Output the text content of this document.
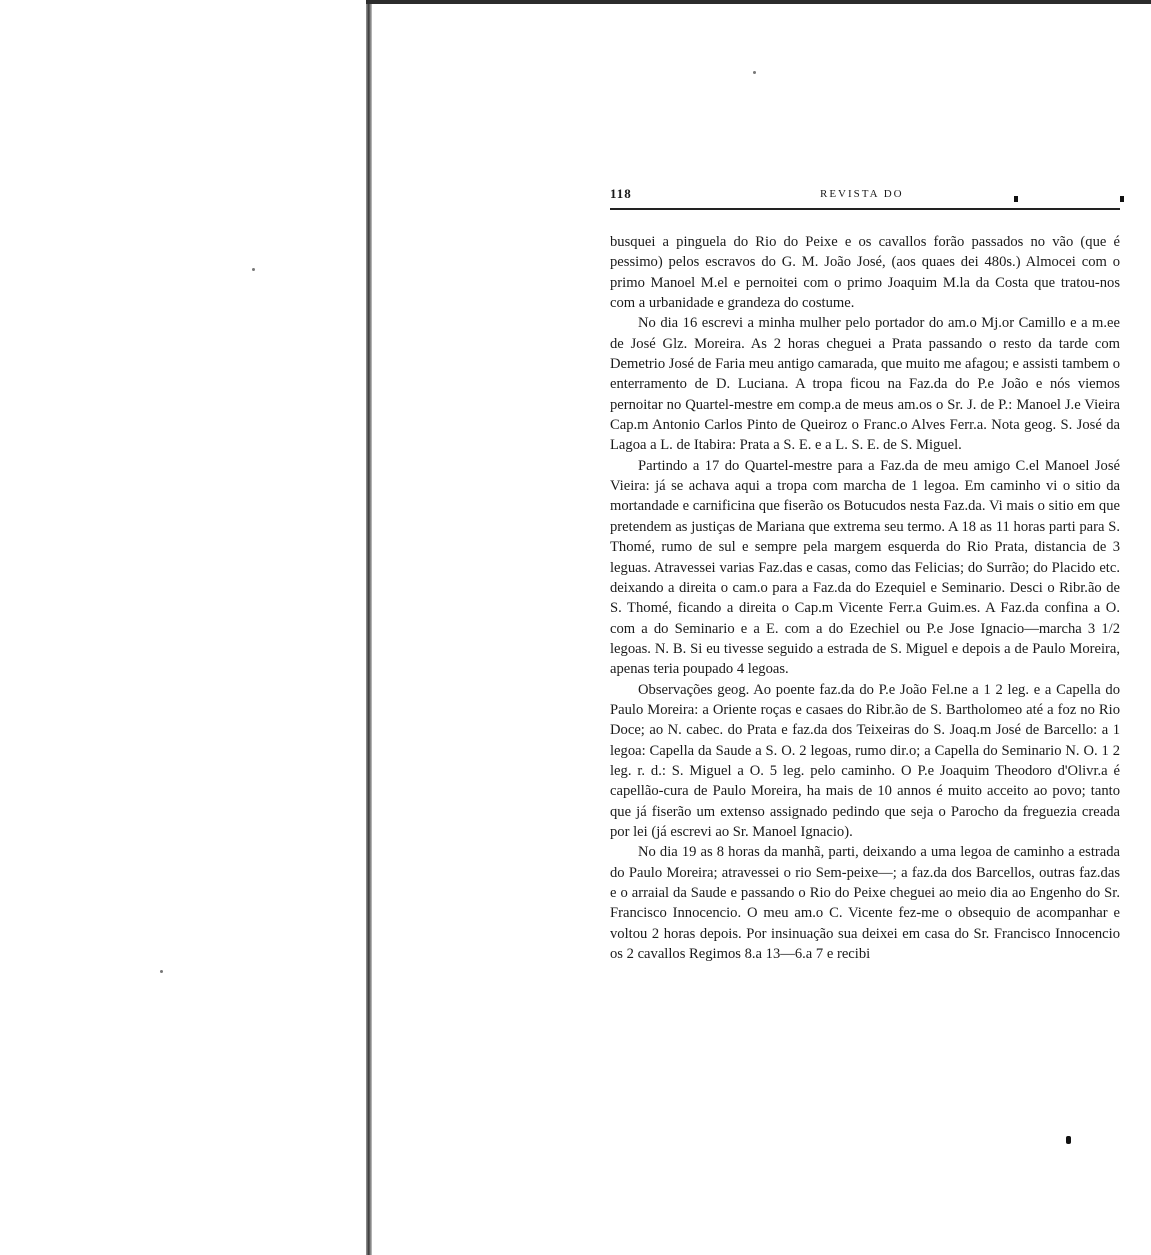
118	REVISTA DO

busquei a pinguela do Rio do Peixe e os cavallos forão passados no vão (que é pessimo) pelos escravos do G. M. João José, (aos quaes dei 480s.) Almocei com o primo Manoel M.el e pernoitei com o primo Joaquim M.la da Costa que tratou-nos com a urbanidade e grandeza do costume.

No dia 16 escrevi a minha mulher pelo portador do am.o Mj.or Camillo e a m.ee de José Glz. Moreira. As 2 horas cheguei a Prata passando o resto da tarde com Demetrio José de Faria meu antigo camarada, que muito me afagou; e assisti tambem o enterramento de D. Luciana. A tropa ficou na Faz.da do P.e João e nós viemos pernoitar no Quartel-mestre em comp.a de meus am.os o Sr. J. de P.: Manoel J.e Vieira Cap.m Antonio Carlos Pinto de Queiroz o Franc.o Alves Ferr.a. Nota geog. S. José da Lagoa a L. de Itabira: Prata a S. E. e a L. S. E. de S. Miguel.

Partindo a 17 do Quartel-mestre para a Faz.da de meu amigo C.el Manoel José Vieira: já se achava aqui a tropa com marcha de 1 legoa. Em caminho vi o sitio da mortandade e carnificina que fiserão os Botucudos nesta Faz.da. Vi mais o sitio em que pretendem as justiças de Mariana que extrema seu termo. A 18 as 11 horas parti para S. Thomé, rumo de sul e sempre pela margem esquerda do Rio Prata, distancia de 3 leguas. Atravessei varias Faz.das e casas, como das Felicias; do Surrão; do Placido etc. deixando a direita o cam.o para a Faz.da do Ezequiel e Seminario. Desci o Ribr.ão de S. Thomé, ficando a direita o Cap.m Vicente Ferr.a Guim.es. A Faz.da confina a O. com a do Seminario e a E. com a do Ezechiel ou P.e Jose Ignacio—marcha 3 1/2 legoas. N. B. Si eu tivesse seguido a estrada de S. Miguel e depois a de Paulo Moreira, apenas teria poupado 4 legoas.

Observações geog. Ao poente faz.da do P.e João Fel.ne a 1 2 leg. e a Capella do Paulo Moreira: a Oriente roças e casaes do Ribr.ão de S. Bartholomeo até a foz no Rio Doce; ao N. cabec. do Prata e faz.da dos Teixeiras do S. Joaq.m José de Barcello: a 1 legoa: Capella da Saude a S. O. 2 legoas, rumo dir.o; a Capella do Seminario N. O. 1 2 leg. r. d.: S. Miguel a O. 5 leg. pelo caminho. O P.e Joaquim Theodoro d'Olivr.a é capellão-cura de Paulo Moreira, ha mais de 10 annos é muito acceito ao povo; tanto que já fiserão um extenso assignado pedindo que seja o Parocho da freguezia creada por lei (já escrevi ao Sr. Manoel Ignacio).

No dia 19 as 8 horas da manhã, parti, deixando a uma legoa de caminho a estrada do Paulo Moreira; atravessei o rio Sem-peixe—; a faz.da dos Barcellos, outras faz.das e o arraial da Saude e passando o Rio do Peixe cheguei ao meio dia ao Engenho do Sr. Francisco Innocencio. O meu am.o C. Vicente fez-me o obsequio de acompanhar e voltou 2 horas depois. Por insinuação sua deixei em casa do Sr. Francisco Innocencio os 2 cavallos Regimos 8.a 13—6.a 7 e recibi
